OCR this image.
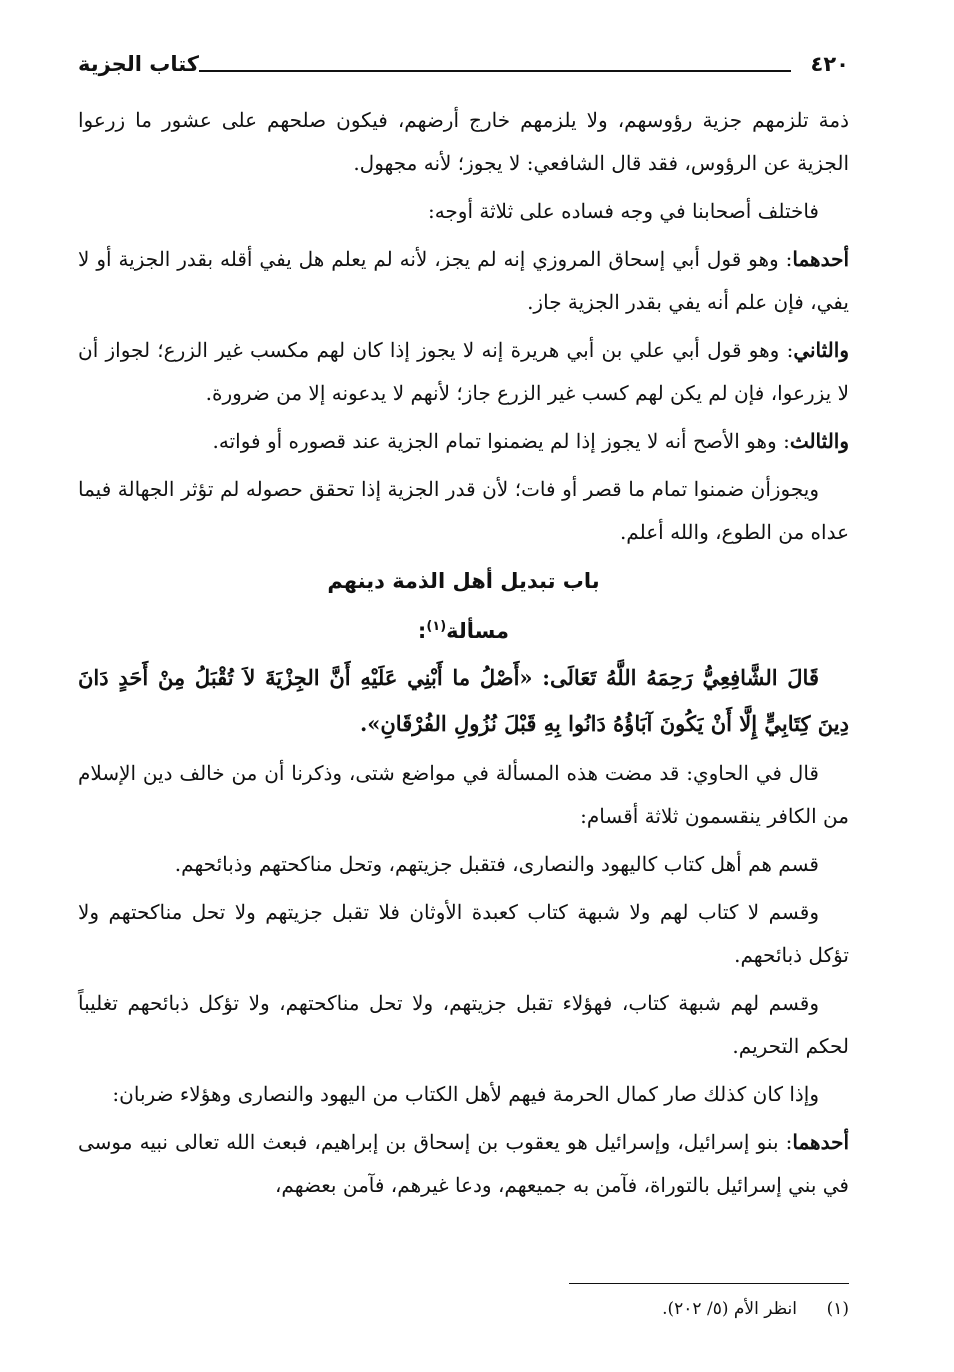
كتاب الجزية	٤٢٠

ذمة تلزمهم جزية رؤوسهم، ولا يلزمهم خارج أرضهم، فيكون صلحهم على عشور ما زرعوا الجزية عن الرؤوس، فقد قال الشافعي: لا يجوز؛ لأنه مجهول.

فاختلف أصحابنا في وجه فساده على ثلاثة أوجه:

أحدهما: وهو قول أبي إسحاق المروزي إنه لم يجز، لأنه لم يعلم هل يفي أقله بقدر الجزية أو لا يفي، فإن علم أنه يفي بقدر الجزية جاز.

والثاني: وهو قول أبي علي بن أبي هريرة إنه لا يجوز إذا كان لهم مكسب غير الزرع؛ لجواز أن لا يزرعوا، فإن لم يكن لهم كسب غير الزرع جاز؛ لأنهم لا يدعونه إلا من ضرورة.

والثالث: وهو الأصح أنه لا يجوز إذا لم يضمنوا تمام الجزية عند قصوره أو فواته.

ويجوزأن ضمنوا تمام ما قصر أو فات؛ لأن قدر الجزية إذا تحقق حصوله لم تؤثر الجهالة فيما عداه من الطوع، والله أعلم.

باب تبديل أهل الذمة دينهم
مسألة$^{(١)}$:

قَالَ الشَّافِعِيُّ رَحِمَهُ اللَّهُ تَعَالَى: «أَصْلُ ما أَبْنِي عَلَيْهِ أَنَّ الجِزْيَةَ لاَ تُقْبَلُ مِنْ أَحَدٍ دَانَ دِينَ كِتَابِيٍّ إِلَّا أَنْ يَكُونَ آبَاؤُهُ دَانُوا بِهِ قَبْلَ نُزُولِ الفُرْقَانِ».

قال في الحاوي: قد مضت هذه المسألة في مواضع شتى، وذكرنا أن من خالف دين الإسلام من الكافر ينقسمون ثلاثة أقسام:

قسم هم أهل كتاب كاليهود والنصارى، فتقبل جزيتهم، وتحل مناكحتهم وذبائحهم.

وقسم لا كتاب لهم ولا شبهة كتاب كعبدة الأوثان فلا تقبل جزيتهم ولا تحل مناكحتهم ولا تؤكل ذبائحهم.

وقسم لهم شبهة كتاب، فهؤلاء تقبل جزيتهم، ولا تحل مناكحتهم، ولا تؤكل ذبائحهم تغليباً لحكم التحريم.

وإذا كان كذلك صار كمال الحرمة فيهم لأهل الكتاب من اليهود والنصارى وهؤلاء ضربان:

أحدهما: بنو إسرائيل، وإسرائيل هو يعقوب بن إسحاق بن إبراهيم، فبعث الله تعالى نبيه موسى في بني إسرائيل بالتوراة، فآمن به جميعهم، ودعا غيرهم، فآمن بعضهم،

(١)انظر الأم (٥/ ٢٠٢).
